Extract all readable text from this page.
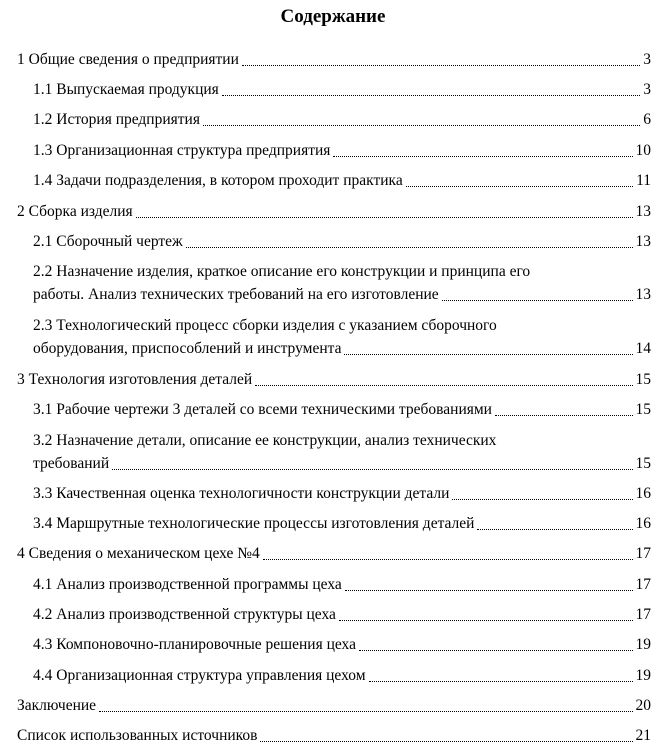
Содержание
1 Общие сведения о предприятии	3
1.1 Выпускаемая продукция	3
1.2 История предприятия	6
1.3 Организационная структура предприятия	10
1.4 Задачи подразделения, в котором проходит практика	11
2 Сборка изделия	13
2.1 Сборочный чертеж	13
2.2 Назначение изделия, краткое описание его конструкции и принципа его
работы. Анализ технических требований на его изготовление	13
2.3 Технологический процесс сборки изделия с указанием сборочного
оборудования, приспособлений и инструмента	14
3 Технология изготовления деталей	15
3.1 Рабочие чертежи 3 деталей со всеми техническими требованиями	15
3.2 Назначение детали, описание ее конструкции, анализ технических
требований	15
3.3 Качественная оценка технологичности конструкции детали	16
3.4 Маршрутные технологические процессы изготовления деталей	16
4 Сведения о механическом цехе №4	17
4.1 Анализ производственной программы цеха	17
4.2 Анализ производственной структуры цеха	17
4.3 Компоновочно-планировочные решения цеха	19
4.4 Организационная структура управления цехом	19
Заключение	20
Список использованных источников	21
